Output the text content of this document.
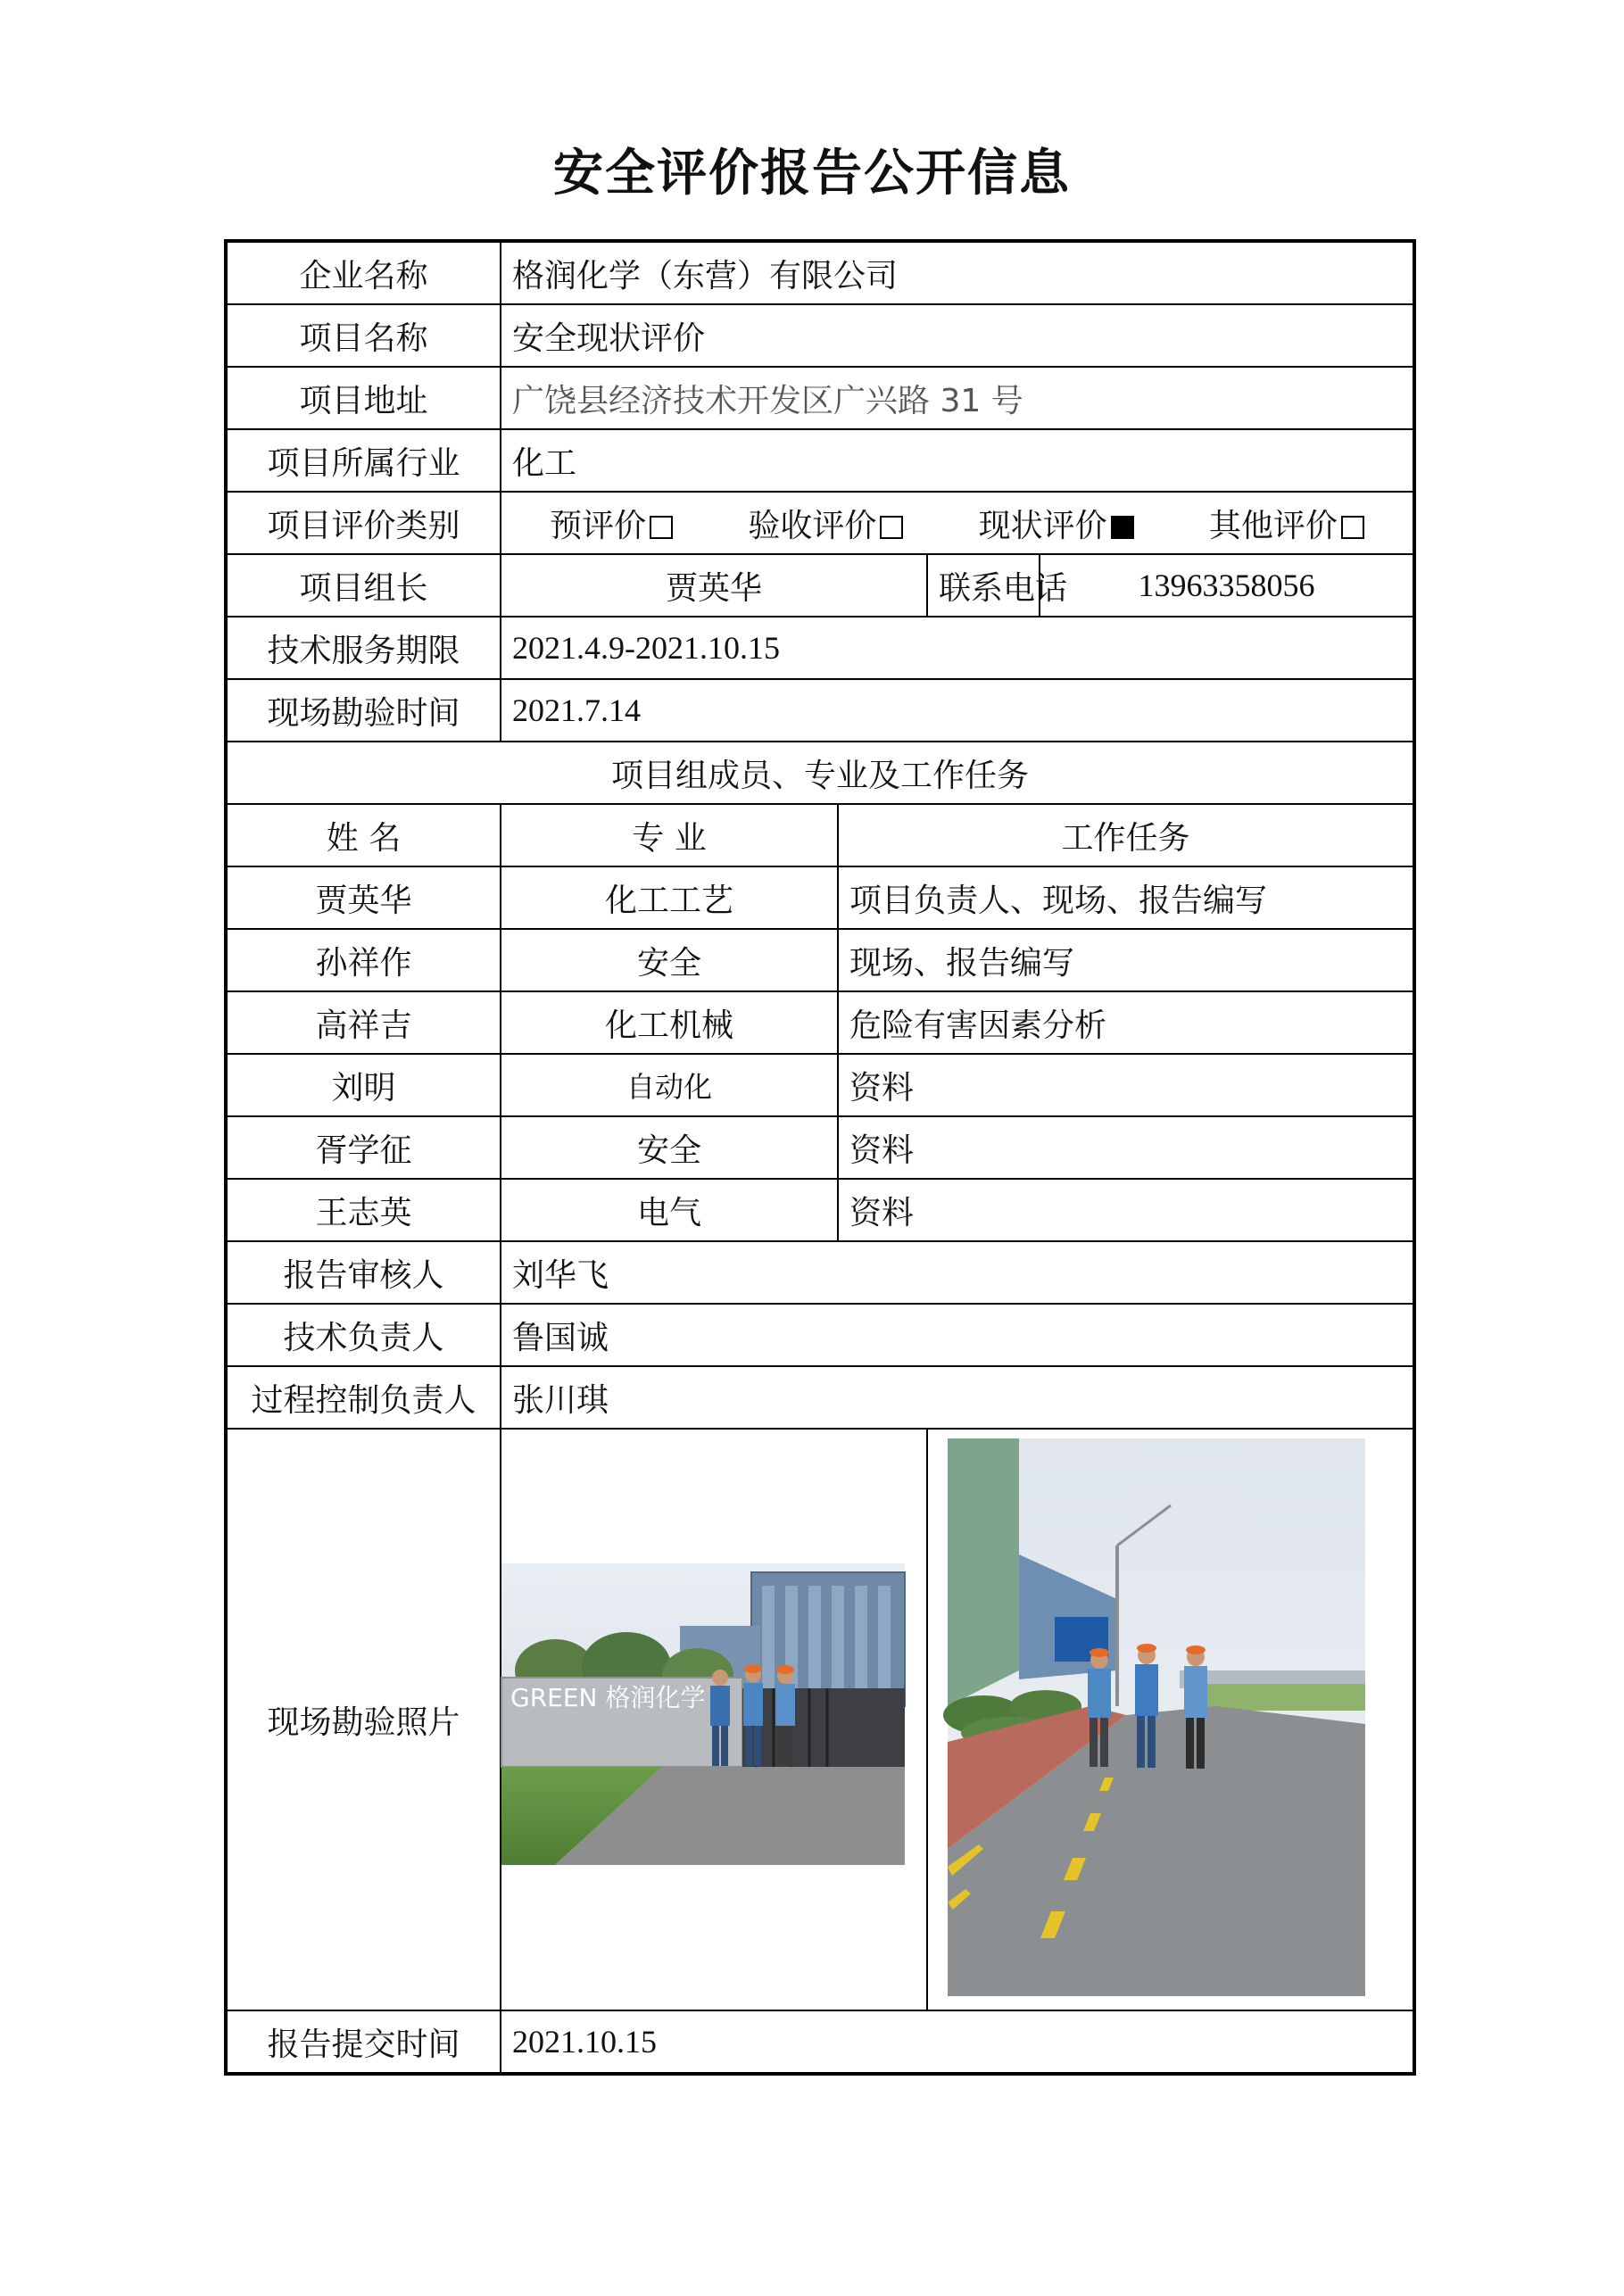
安全评价报告公开信息
企业名称	格润化学（东营）有限公司			
项目名称	安全现状评价			
项目地址	广饶县经济技术开发区广兴路 31 号			
项目所属行业	化工			
项目评价类别	预评价 验收评价 现状评价 其他评价			

项目组长	贾英华		联系电话	13963358056
技术服务期限	2021.4.9-2021.10.15			
现场勘验时间	2021.7.14			
项目组成员、专业及工作任务				
姓 名	专 业	工作任务		
贾英华	化工工艺	项目负责人、现场、报告编写		
孙祥作	安全	现场、报告编写		
高祥吉	化工机械	危险有害因素分析		
刘明	自动化	资料		
胥学征	安全	资料		
王志英	电气	资料		
报告审核人	刘华飞			
技术负责人	鲁国诚			
过程控制负责人	张川琪			
现场勘验照片	GREEN 格润化学

报告提交时间	2021.10.15			
